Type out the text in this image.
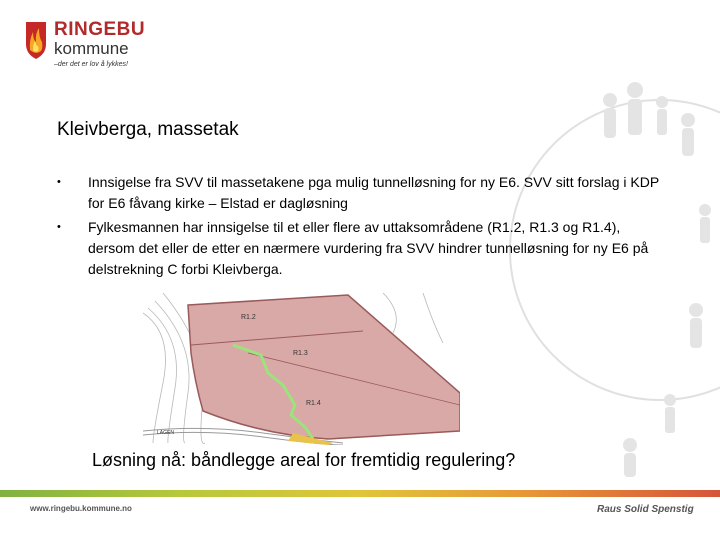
RINGEBU
kommune
–der det er lov å lykkes!
Kleivberga, massetak
• Innsigelse fra SVV til massetakene pga mulig tunnelløsning for ny E6. SVV sitt forslag i KDP for E6 fåvang kirke – Elstad er dagløsning
• Fylkesmannen har innsigelse til et eller flere av uttaksområdene (R1.2, R1.3 og R1.4), dersom det eller de etter en nærmere vurdering fra SVV hindrer tunnelløsning for ny E6 på delstrekning C forbi Kleivberga.
R1.2
R1.3
R1.4
LAGEN
Løsning nå: båndlegge areal for fremtidig regulering?
www.ringebu.kommune.no	Raus Solid Spenstig
